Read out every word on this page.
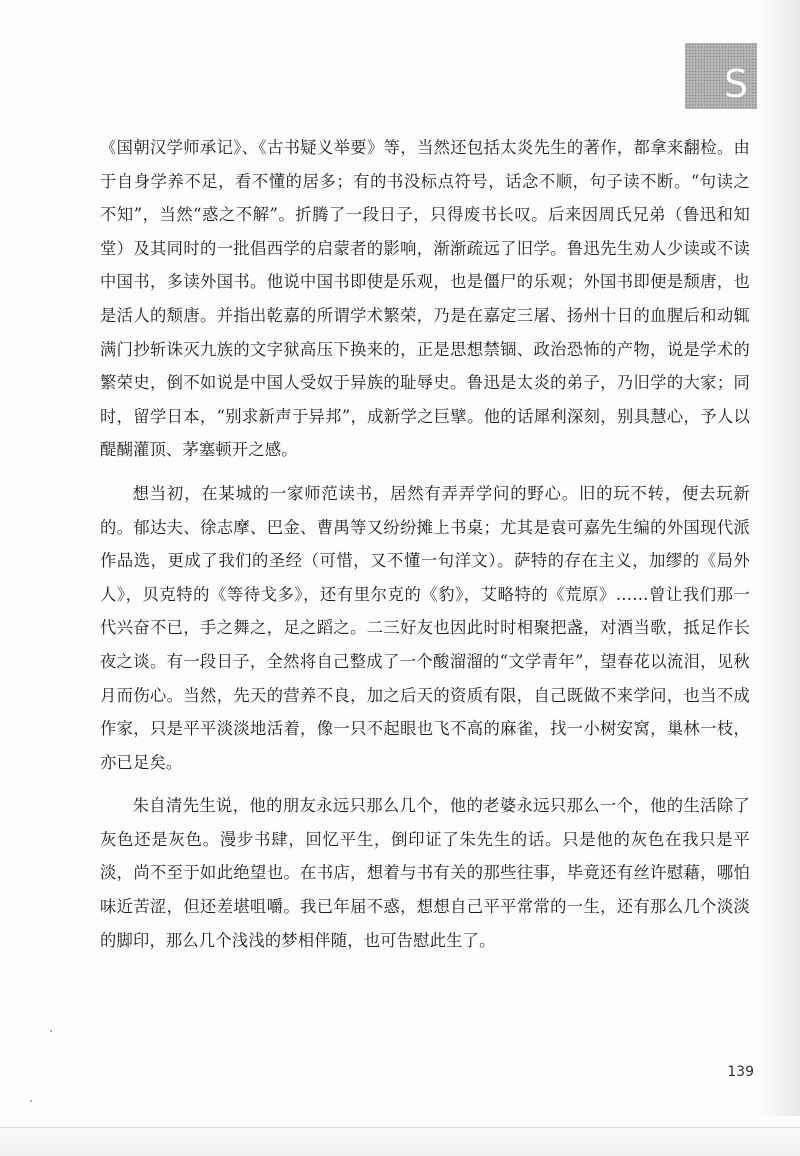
S

《国朝汉学师承记》、《古书疑义举要》等，当然还包括太炎先生的著作，都拿来翻检。由于自身学养不足，看不懂的居多；有的书没标点符号，话念不顺，句子读不断。“句读之不知”，当然“惑之不解”。折腾了一段日子，只得废书长叹。后来因周氏兄弟（鲁迅和知堂）及其同时的一批倡西学的启蒙者的影响，渐渐疏远了旧学。鲁迅先生劝人少读或不读中国书，多读外国书。他说中国书即使是乐观，也是僵尸的乐观；外国书即便是颓唐，也是活人的颓唐。并指出乾嘉的所谓学术繁荣，乃是在嘉定三屠、扬州十日的血腥后和动辄满门抄斩诛灭九族的文字狱高压下换来的，正是思想禁锢、政治恐怖的产物，说是学术的繁荣史，倒不如说是中国人受奴于异族的耻辱史。鲁迅是太炎的弟子，乃旧学的大家；同时，留学日本，“别求新声于异邦”，成新学之巨擘。他的话犀利深刻，别具慧心，予人以醍醐灌顶、茅塞顿开之感。

想当初，在某城的一家师范读书，居然有弄弄学问的野心。旧的玩不转，便去玩新的。郁达夫、徐志摩、巴金、曹禺等又纷纷摊上书桌；尤其是袁可嘉先生编的外国现代派作品选，更成了我们的圣经（可惜，又不懂一句洋文）。萨特的存在主义，加缪的《局外人》，贝克特的《等待戈多》，还有里尔克的《豹》，艾略特的《荒原》……曾让我们那一代兴奋不已，手之舞之，足之蹈之。二三好友也因此时时相聚把盏，对酒当歌，抵足作长夜之谈。有一段日子，全然将自己整成了一个酸溜溜的“文学青年”，望春花以流泪，见秋月而伤心。当然，先天的营养不良，加之后天的资质有限，自己既做不来学问，也当不成作家，只是平平淡淡地活着，像一只不起眼也飞不高的麻雀，找一小树安窝，巢林一枝，亦已足矣。

朱自清先生说，他的朋友永远只那么几个，他的老婆永远只那么一个，他的生活除了灰色还是灰色。漫步书肆，回忆平生，倒印证了朱先生的话。只是他的灰色在我只是平淡，尚不至于如此绝望也。在书店，想着与书有关的那些往事，毕竟还有丝许慰藉，哪怕味近苦涩，但还差堪咀嚼。我已年届不惑，想想自己平平常常的一生，还有那么几个淡淡的脚印，那么几个浅浅的梦相伴随，也可告慰此生了。

139
